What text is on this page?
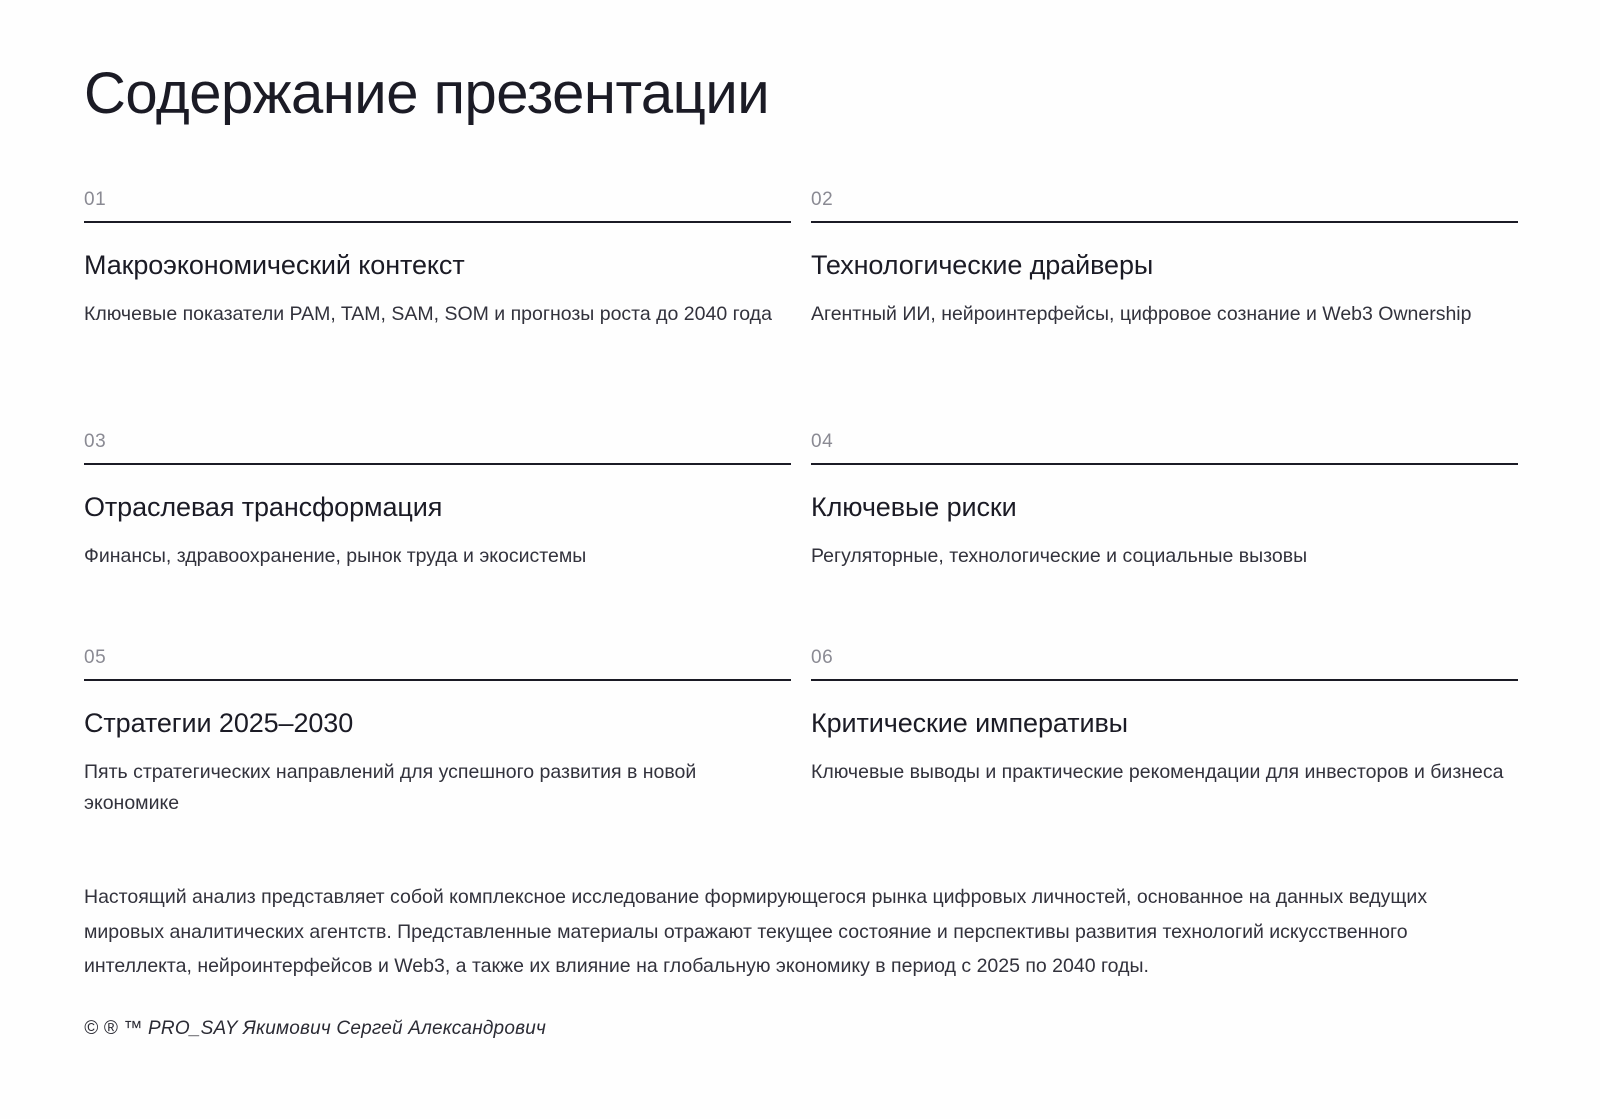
Содержание презентации
01
Макроэкономический контекст

Ключевые показатели PAM, TAM, SAM, SOM и прогнозы роста до 2040 года

02
Технологические драйверы

Агентный ИИ, нейроинтерфейсы, цифровое сознание и Web3 Ownership

03
Отраслевая трансформация

Финансы, здравоохранение, рынок труда и экосистемы

04
Ключевые риски

Регуляторные, технологические и социальные вызовы

05
Стратегии 2025–2030

Пять стратегических направлений для успешного развития в новой экономике

06
Критические императивы

Ключевые выводы и практические рекомендации для инвесторов и бизнеса

Настоящий анализ представляет собой комплексное исследование формирующегося рынка цифровых личностей, основанное на данных ведущих мировых аналитических агентств. Представленные материалы отражают текущее состояние и перспективы развития технологий искусственного интеллекта, нейроинтерфейсов и Web3, а также их влияние на глобальную экономику в период с 2025 по 2040 годы.

© ® ™ PRO_SAY Якимович Сергей Александрович
